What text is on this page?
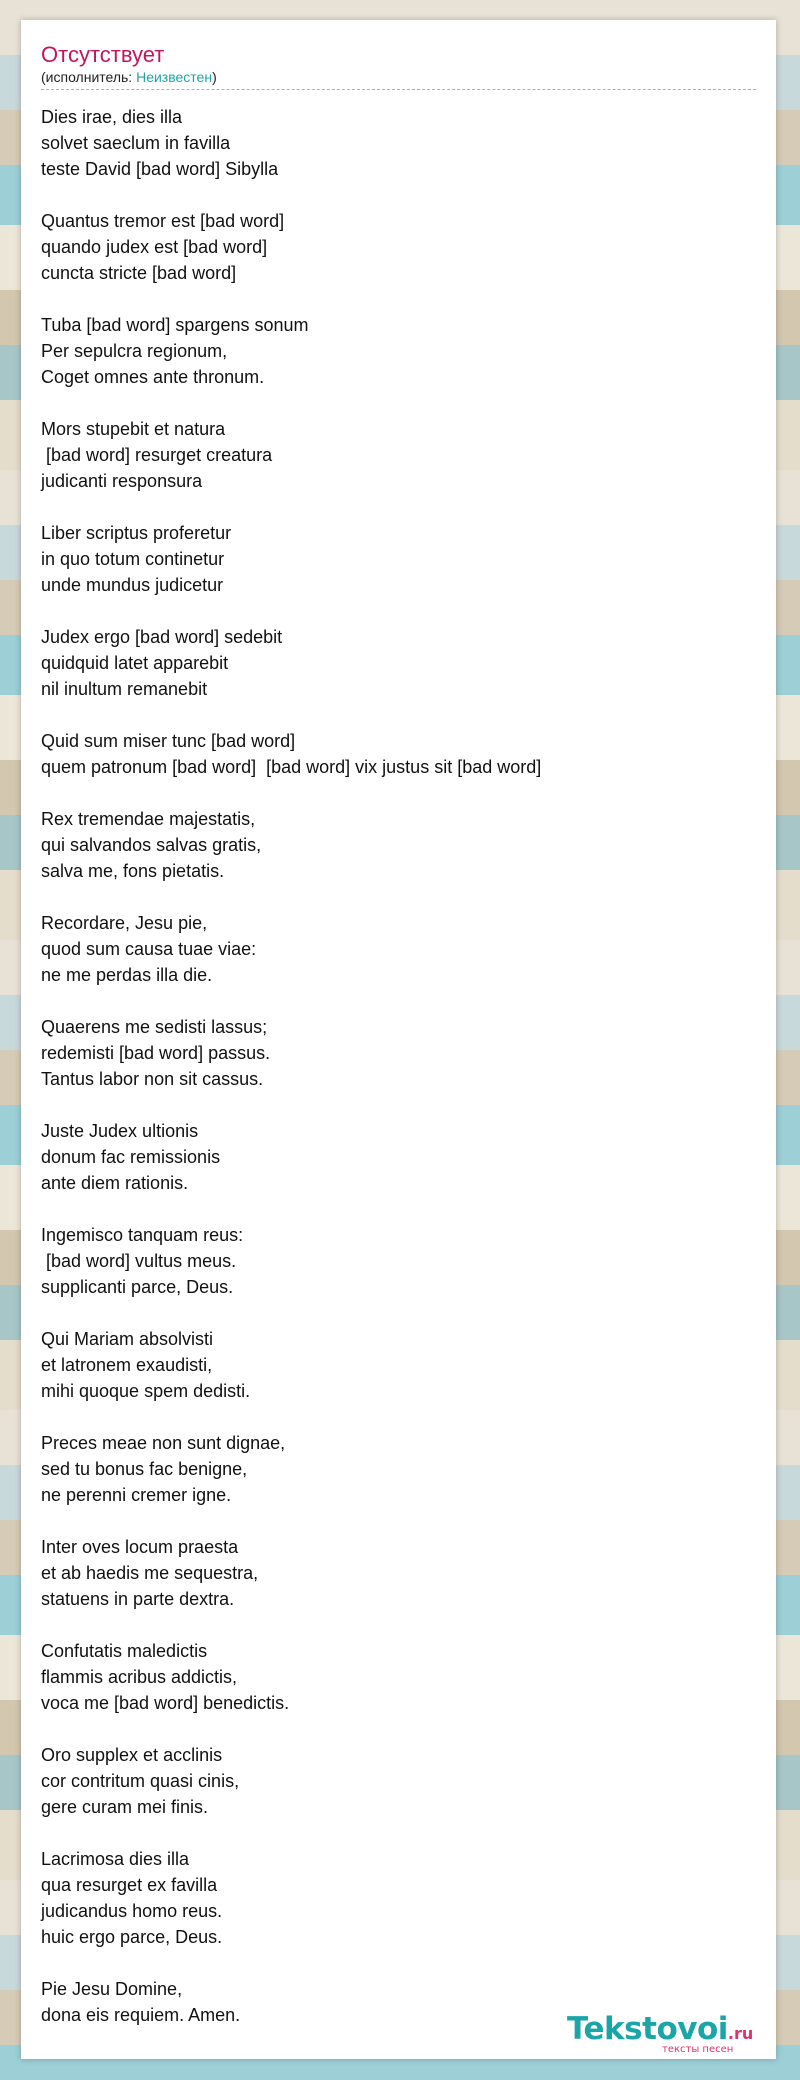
Отсутствует
(исполнитель: Неизвестен)
Dies irae, dies illa
solvet saeclum in favilla
teste David [bad word] Sibylla
Quantus tremor est [bad word]
quando judex est [bad word]
cuncta stricte [bad word]
Tuba [bad word] spargens sonum
Per sepulcra regionum,
Coget omnes ante thronum.
Mors stupebit et natura
[bad word] resurget creatura
judicanti responsura
Liber scriptus proferetur
in quo totum continetur
unde mundus judicetur
Judex ergo [bad word] sedebit
quidquid latet apparebit
nil inultum remanebit
Quid sum miser tunc [bad word]
quem patronum [bad word]  [bad word] vix justus sit [bad word]
Rex tremendae majestatis,
qui salvandos salvas gratis,
salva me, fons pietatis.
Recordare, Jesu pie,
quod sum causa tuae viae:
ne me perdas illa die.
Quaerens me sedisti lassus;
redemisti [bad word] passus.
Tantus labor non sit cassus.
Juste Judex ultionis
donum fac remissionis
ante diem rationis.
Ingemisco tanquam reus:
[bad word] vultus meus.
supplicanti parce, Deus.
Qui Mariam absolvisti
et latronem exaudisti,
mihi quoque spem dedisti.
Preces meae non sunt dignae,
sed tu bonus fac benigne,
ne perenni cremer igne.
Inter oves locum praesta
et ab haedis me sequestra,
statuens in parte dextra.
Confutatis maledictis
flammis acribus addictis,
voca me [bad word] benedictis.
Oro supplex et acclinis
cor contritum quasi cinis,
gere curam mei finis.
Lacrimosa dies illa
qua resurget ex favilla
judicandus homo reus.
huic ergo parce, Deus.
Pie Jesu Domine,
dona eis requiem. Amen.	Tekstovoi.ru
тексты песен
